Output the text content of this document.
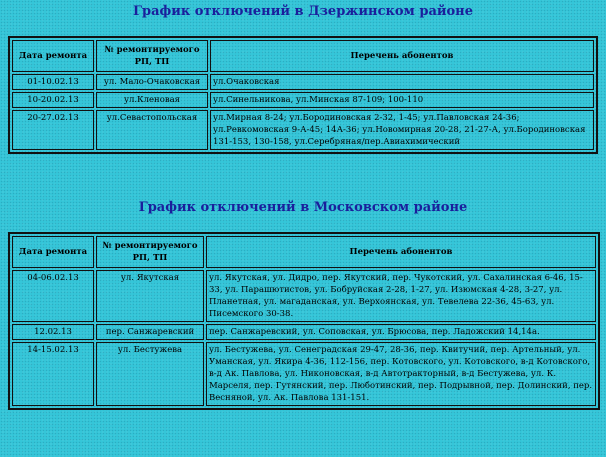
График отключений в Дзержинском районе
Дата ремонта	№ ремонтируемого РП, ТП	Перечень абонентов
01-10.02.13	ул. Мало-Очаковская	ул.Очаковская
10-20.02.13	ул.Кленовая	ул.Синельникова, ул.Минская 87-109; 100-110
20-27.02.13	ул.Севастопольская	ул.Мирная 8-24; ул.Бородиновская 2-32, 1-45; ул.Павловская 24-36; ул.Ревкомовская 9-А-45; 14А-36; ул.Новомирная 20-28, 21-27-А, ул.Бородиновская 131-153, 130-158, ул.Серебряная/пер.Авиахимический
График отключений в Московском районе
Дата ремонта	№ ремонтируемого РП, ТП	Перечень абонентов
04-06.02.13	ул. Якутская	ул. Якутская, ул. Дидро, пер. Якутский, пер. Чукотский, ул. Сахалинская 6-46, 15-33, ул. Парашютистов, ул. Бобруйская 2-28, 1-27, ул. Изюмская 4-28, 3-27, ул. Планетная, ул. магаданская, ул. Верхоянская, ул. Тевелева 22-36, 45-63, ул. Писемского 30-38.
12.02.13	пер. Санжаревский	пер. Санжаревский, ул. Соповская, ул. Брюсова, пер. Ладожский 14,14а.
14-15.02.13	ул. Бестужева	ул. Бестужева, ул. Сенеградская 29-47, 28-36, пер. Квитучий, пер. Артельный, ул. Уманская, ул. Якира 4-36, 112-156, пер. Котовского, ул. Котовского, в-д Котовского, в-д Ак. Павлова, ул. Никоновская, в-д Автотракторный, в-д Бестужева, ул. К. Марселя, пер. Гутянский, пер. Люботинский, пер. Подрывной, пер. Долинский, пер. Весняной, ул. Ак. Павлова 131-151.
